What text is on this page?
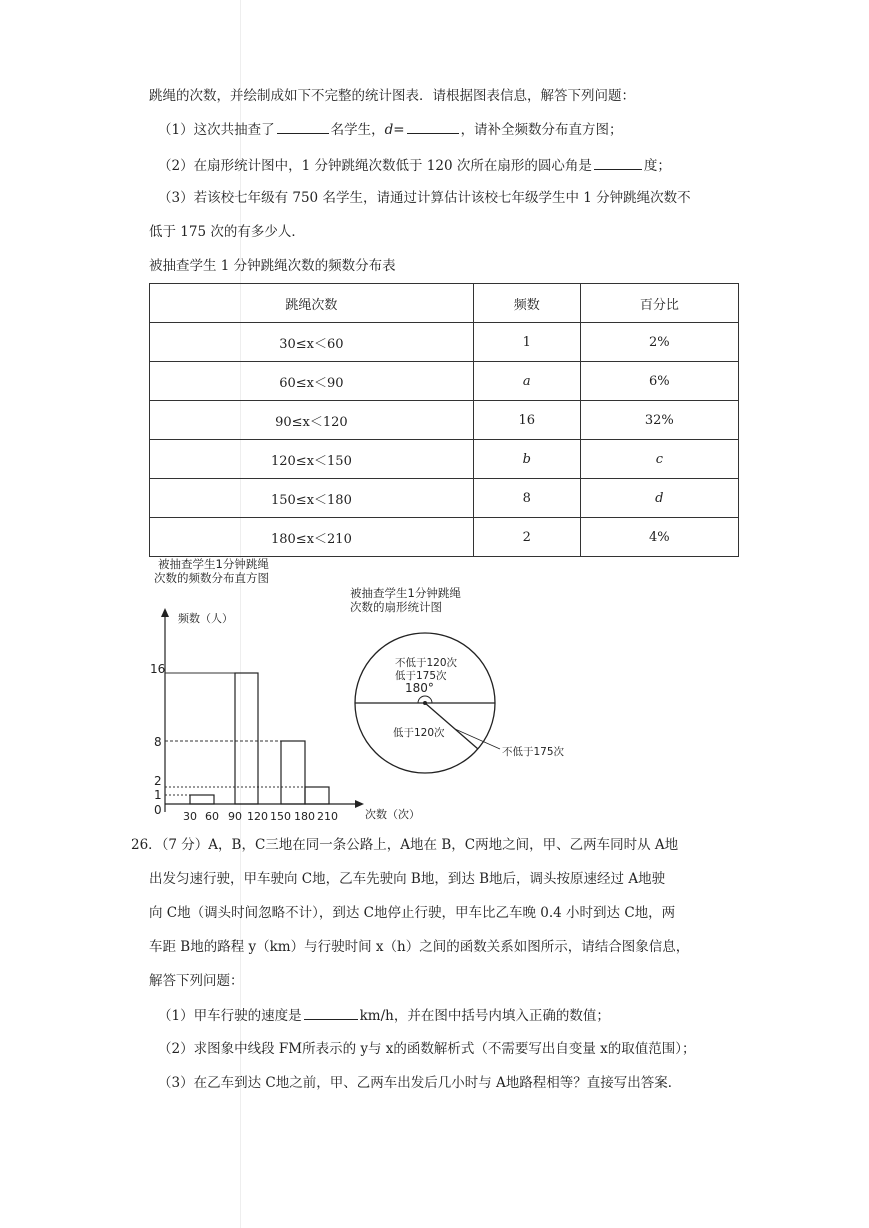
跳绳的次数，并绘制成如下不完整的统计图表．请根据图表信息，解答下列问题：
（1）这次共抽查了	名学生，d=	，请补全频数分布直方图；
（2）在扇形统计图中，1 分钟跳绳次数低于 120 次所在扇形的圆心角是	度；
（3）若该校七年级有 750 名学生，请通过计算估计该校七年级学生中 1 分钟跳绳次数不
低于 175 次的有多少人．
被抽查学生 1 分钟跳绳次数的频数分布表
跳绳次数	频数	百分比
30≤x＜60	1	2%
60≤x＜90	a	6%
90≤x＜120	16	32%
120≤x＜150	b	c
150≤x＜180	8	d
180≤x＜210	2	4%
被抽查学生1分钟跳绳
次数的频数分布直方图
频数（人）
次数（次）
16
8
2
1
0 30 60 90 120 150 180 210
被抽查学生1分钟跳绳
次数的扇形统计图
不低于120次
低于175次
180°
低于120次
不低于175次
26．（7 分）A，B，C三地在同一条公路上，A地在 B，C两地之间，甲、乙两车同时从 A地
出发匀速行驶，甲车驶向 C地，乙车先驶向 B地，到达 B地后，调头按原速经过 A地驶
向 C地（调头时间忽略不计），到达 C地停止行驶，甲车比乙车晚 0.4 小时到达 C地，两
车距 B地的路程 y（km）与行驶时间 x（h）之间的函数关系如图所示，请结合图象信息，
解答下列问题：
（1）甲车行驶的速度是	km/h，并在图中括号内填入正确的数值；
（2）求图象中线段 FM所表示的 y与 x的函数解析式（不需要写出自变量 x的取值范围）；
（3）在乙车到达 C地之前，甲、乙两车出发后几小时与 A地路程相等？直接写出答案．
